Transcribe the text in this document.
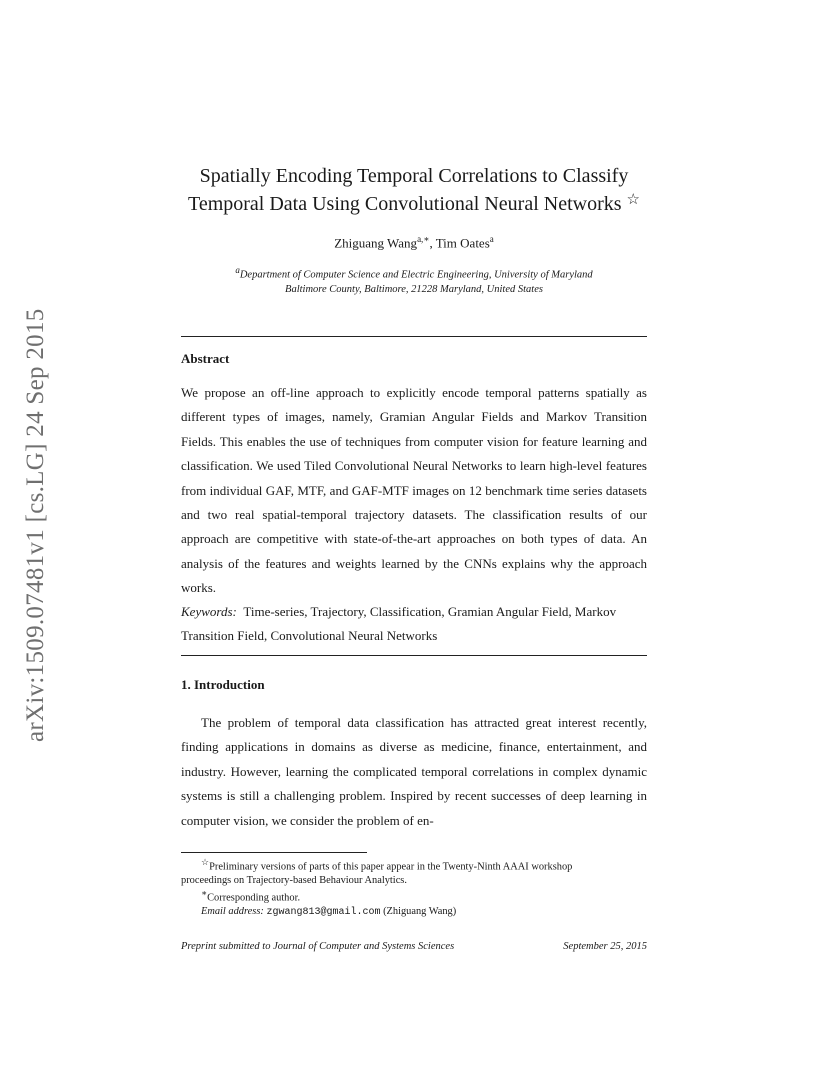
arXiv:1509.07481v1 [cs.LG] 24 Sep 2015
Spatially Encoding Temporal Correlations to Classify
Temporal Data Using Convolutional Neural Networks ☆
Zhiguang Wang$^{a,∗}$, Tim Oates$^a$
$^a$Department of Computer Science and Electric Engineering, University of Maryland
Baltimore County, Baltimore, 21228 Maryland, United States
Abstract
We propose an off-line approach to explicitly encode temporal patterns spatially as different types of images, namely, Gramian Angular Fields and Markov Transition Fields. This enables the use of techniques from computer vision for feature learning and classification. We used Tiled Convolutional Neural Networks to learn high-level features from individual GAF, MTF, and GAF-MTF images on 12 benchmark time series datasets and two real spatial-temporal trajectory datasets. The classification results of our approach are competitive with state-of-the-art approaches on both types of data. An analysis of the features and weights learned by the CNNs explains why the approach works.
Keywords: Time-series, Trajectory, Classification, Gramian Angular Field, Markov Transition Field, Convolutional Neural Networks
1. Introduction
The problem of temporal data classification has attracted great interest recently, finding applications in domains as diverse as medicine, finance, entertainment, and industry. However, learning the complicated temporal correlations in complex dynamic systems is still a challenging problem. Inspired by recent successes of deep learning in computer vision, we consider the problem of en-

☆Preliminary versions of parts of this paper appear in the Twenty-Ninth AAAI workshop

proceedings on Trajectory-based Behaviour Analytics.

∗Corresponding author.

Email address: zgwang813@gmail.com (Zhiguang Wang)

Preprint submitted to Journal of Computer and Systems Sciences	September 25, 2015
